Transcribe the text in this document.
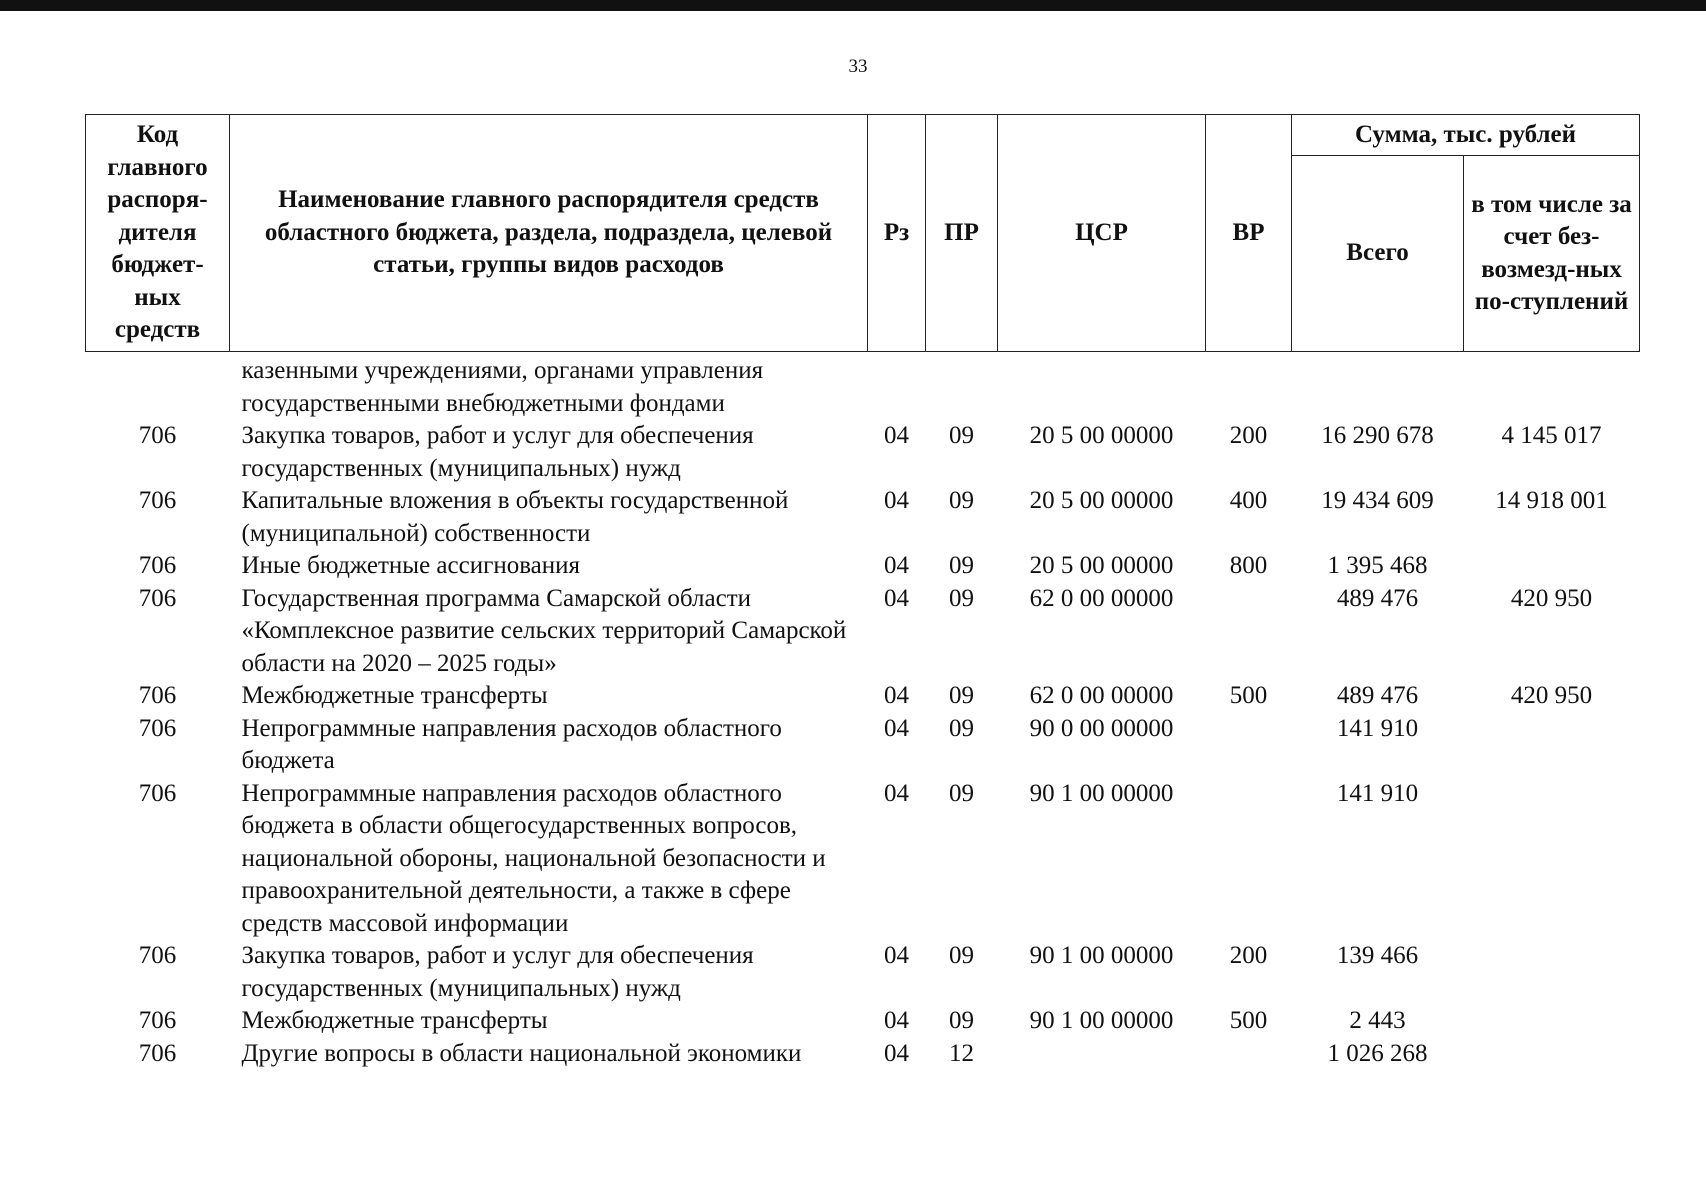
33
Код главного распоря-дителя бюджет-ных средств	Наименование главного распорядителя средств областного бюджета, раздела, подраздела, целевой статьи, группы видов расходов	Рз	ПР	ЦСР	ВР	Сумма, тыс. рублей	
						Всего	в том числе за счет без-возмезд-ных по-ступлений
	казенными учреждениями, органами управления государственными внебюджетными фондами						
706	Закупка товаров, работ и услуг для обеспечения государственных (муниципальных) нужд	04	09	20 5 00 00000	200	16 290 678	4 145 017
706	Капитальные вложения в объекты государственной (муниципальной) собственности	04	09	20 5 00 00000	400	19 434 609	14 918 001
706	Иные бюджетные ассигнования	04	09	20 5 00 00000	800	1 395 468	
706	Государственная программа Самарской области «Комплексное развитие сельских территорий Самарской области на 2020 – 2025 годы»	04	09	62 0 00 00000		489 476	420 950
706	Межбюджетные трансферты	04	09	62 0 00 00000	500	489 476	420 950
706	Непрограммные направления расходов областного бюджета	04	09	90 0 00 00000		141 910	
706	Непрограммные направления расходов областного бюджета в области общегосударственных вопросов, национальной обороны, национальной безопасности и правоохранительной деятельности, а также в сфере средств массовой информации	04	09	90 1 00 00000		141 910	
706	Закупка товаров, работ и услуг для обеспечения государственных (муниципальных) нужд	04	09	90 1 00 00000	200	139 466	
706	Межбюджетные трансферты	04	09	90 1 00 00000	500	2 443	
706	Другие вопросы в области национальной экономики	04	12			1 026 268	
